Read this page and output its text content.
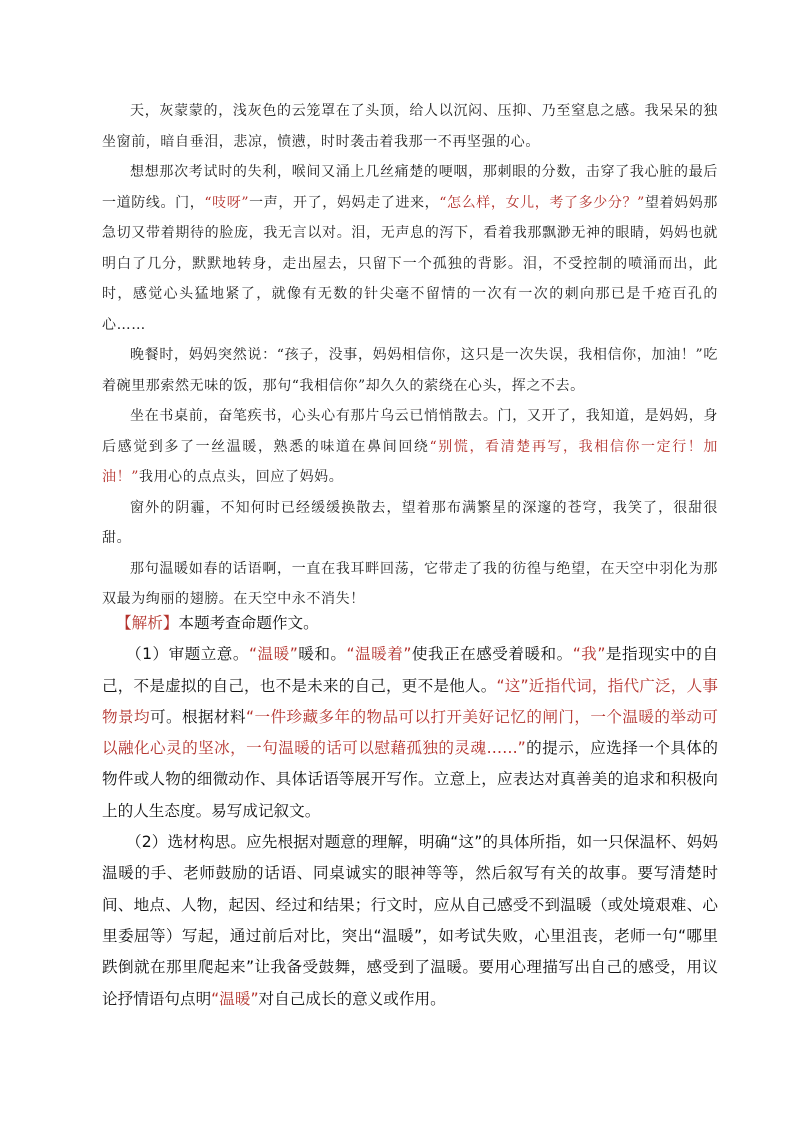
天，灰蒙蒙的，浅灰色的云笼罩在了头顶，给人以沉闷、压抑、乃至窒息之感。我呆呆的独坐窗前，暗自垂泪，悲凉，愤懑，时时袭击着我那一不再坚强的心。

想想那次考试时的失利，喉间又涌上几丝痛楚的哽咽，那刺眼的分数，击穿了我心脏的最后一道防线。门，“吱呀”一声，开了，妈妈走了进来，“怎么样，女儿，考了多少分？”望着妈妈那急切又带着期待的脸庞，我无言以对。泪，无声息的泻下，看着我那飘渺无神的眼睛，妈妈也就明白了几分，默默地转身，走出屋去，只留下一个孤独的背影。泪，不受控制的喷涌而出，此时，感觉心头猛地紧了，就像有无数的针尖毫不留情的一次有一次的刺向那已是千疮百孔的心……

晚餐时，妈妈突然说：“孩子，没事，妈妈相信你，这只是一次失误，我相信你，加油！”吃着碗里那索然无味的饭，那句“我相信你”却久久的萦绕在心头，挥之不去。

坐在书桌前，奋笔疾书，心头心有那片乌云已悄悄散去。门，又开了，我知道，是妈妈，身后感觉到多了一丝温暖，熟悉的味道在鼻间回绕“别慌，看清楚再写，我相信你一定行！加油！”我用心的点点头，回应了妈妈。

窗外的阴霾，不知何时已经缓缓换散去，望着那布满繁星的深邃的苍穹，我笑了，很甜很甜。

那句温暖如春的话语啊，一直在我耳畔回荡，它带走了我的彷徨与绝望，在天空中羽化为那双最为绚丽的翅膀。在天空中永不消失！

【解析】本题考查命题作文。

（1）审题立意。“温暖”暖和。“温暖着”使我正在感受着暖和。“我”是指现实中的自己，不是虚拟的自己，也不是未来的自己，更不是他人。“这”近指代词，指代广泛，人事物景均可。根据材料“一件珍藏多年的物品可以打开美好记忆的闸门，一个温暖的举动可以融化心灵的坚冰，一句温暖的话可以慰藉孤独的灵魂……”的提示，应选择一个具体的物件或人物的细微动作、具体话语等展开写作。立意上，应表达对真善美的追求和积极向上的人生态度。易写成记叙文。

（2）选材构思。应先根据对题意的理解，明确“这”的具体所指，如一只保温杯、妈妈温暖的手、老师鼓励的话语、同桌诚实的眼神等等，然后叙写有关的故事。要写清楚时间、地点、人物，起因、经过和结果；行文时，应从自己感受不到温暖（或处境艰难、心里委屈等）写起，通过前后对比，突出“温暖”，如考试失败，心里沮丧，老师一句“哪里跌倒就在那里爬起来”让我备受鼓舞，感受到了温暖。要用心理描写出自己的感受，用议论抒情语句点明“温暖”对自己成长的意义或作用。
